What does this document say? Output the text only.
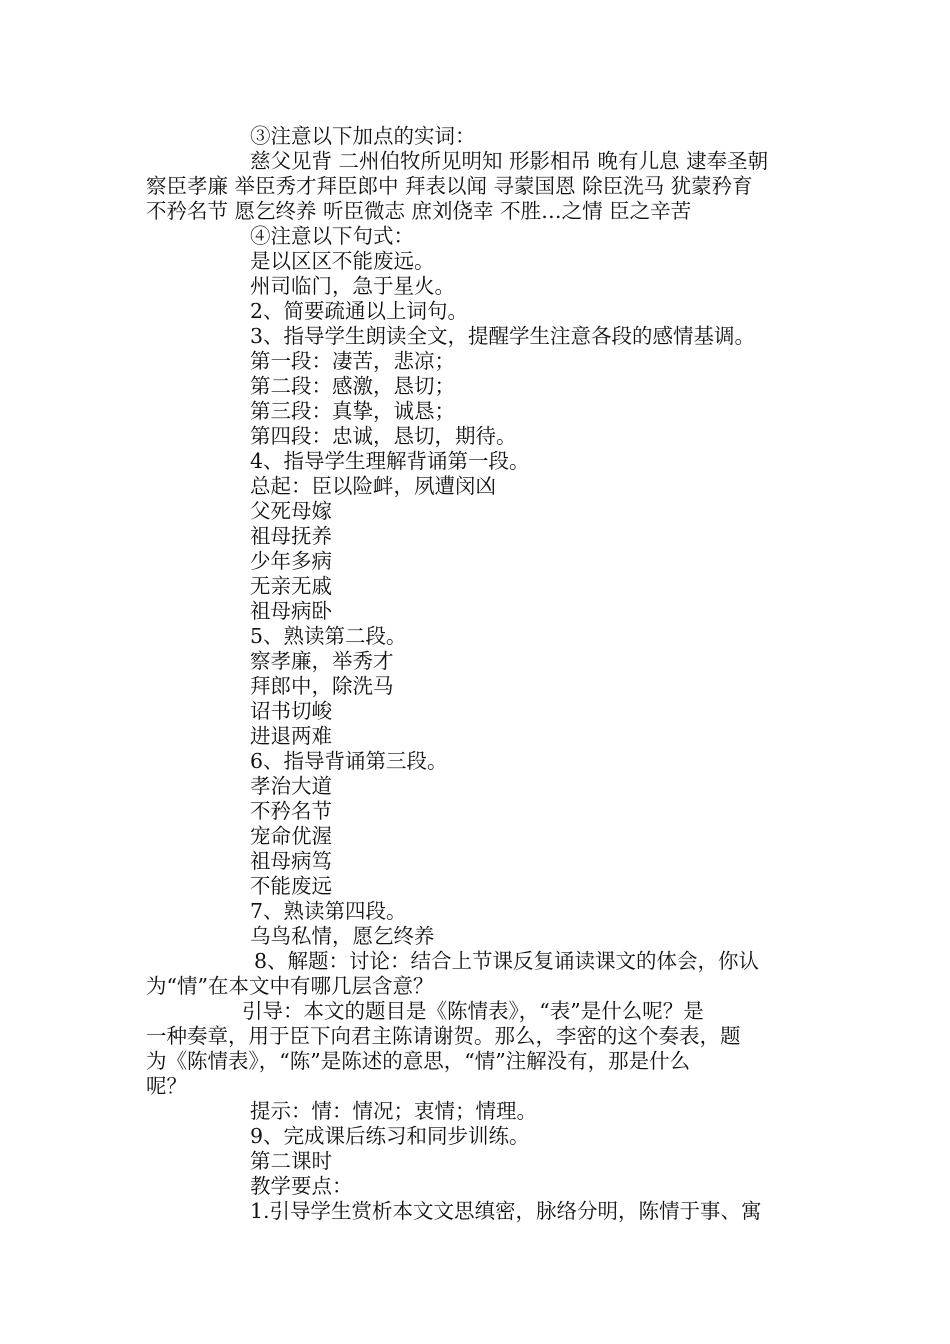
③注意以下加点的实词：
慈父见背 二州伯牧所见明知 形影相吊 晚有儿息 逮奉圣朝
察臣孝廉 举臣秀才拜臣郎中 拜表以闻 寻蒙国恩 除臣洗马 犹蒙矜育
不矜名节 愿乞终养 听臣微志 庶刘侥幸 不胜…之情 臣之辛苦
④注意以下句式：
是以区区不能废远。
州司临门，急于星火。
2、简要疏通以上词句。
3、指导学生朗读全文，提醒学生注意各段的感情基调。
第一段：凄苦，悲凉；
第二段：感激，恳切；
第三段：真挚，诚恳；
第四段：忠诚，恳切，期待。
4、指导学生理解背诵第一段。
总起：臣以险衅，夙遭闵凶
父死母嫁
祖母抚养
少年多病
无亲无戚
祖母病卧
5、熟读第二段。
察孝廉，举秀才
拜郎中，除洗马
诏书切峻
进退两难
6、指导背诵第三段。
孝治大道
不矜名节
宠命优渥
祖母病笃
不能废远
7、熟读第四段。
乌鸟私情，愿乞终养
8、解题：讨论：结合上节课反复诵读课文的体会，你认
为“情”在本文中有哪几层含意？
引导：本文的题目是《陈情表》，“表”是什么呢？是
一种奏章，用于臣下向君主陈请谢贺。那么，李密的这个奏表，题
为《陈情表》，“陈”是陈述的意思，“情”注解没有，那是什么
呢？
提示：情：情况；衷情；情理。
9、完成课后练习和同步训练。
第二课时
教学要点：
1.引导学生赏析本文文思缜密，脉络分明，陈情于事、寓
